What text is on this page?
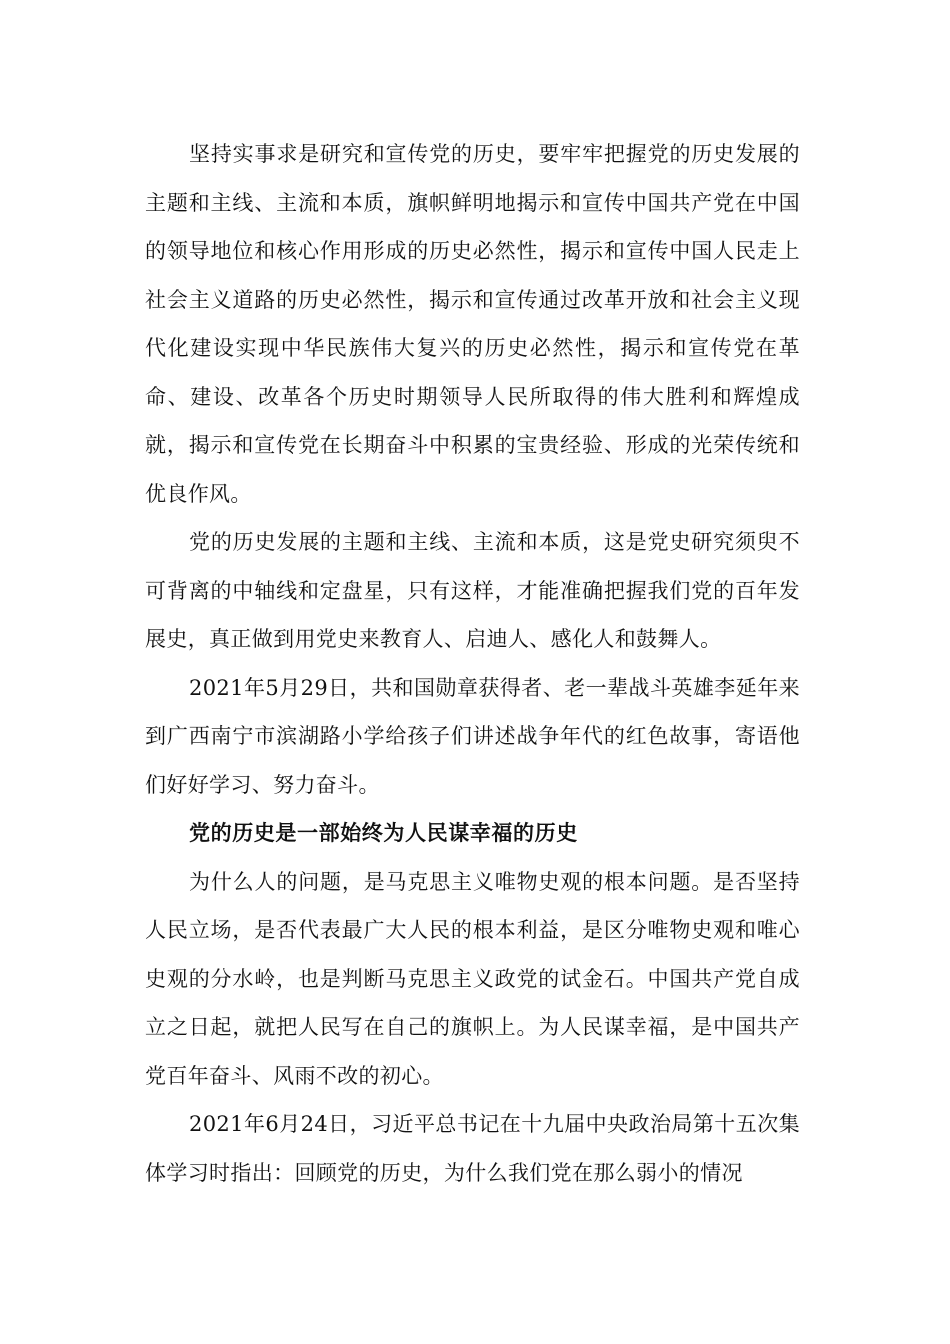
坚持实事求是研究和宣传党的历史，要牢牢把握党的历史发展的主题和主线、主流和本质，旗帜鲜明地揭示和宣传中国共产党在中国的领导地位和核心作用形成的历史必然性，揭示和宣传中国人民走上社会主义道路的历史必然性，揭示和宣传通过改革开放和社会主义现代化建设实现中华民族伟大复兴的历史必然性，揭示和宣传党在革命、建设、改革各个历史时期领导人民所取得的伟大胜利和辉煌成就，揭示和宣传党在长期奋斗中积累的宝贵经验、形成的光荣传统和优良作风。

党的历史发展的主题和主线、主流和本质，这是党史研究须臾不可背离的中轴线和定盘星，只有这样，才能准确把握我们党的百年发展史，真正做到用党史来教育人、启迪人、感化人和鼓舞人。

2021年5月29日，共和国勋章获得者、老一辈战斗英雄李延年来到广西南宁市滨湖路小学给孩子们讲述战争年代的红色故事，寄语他们好好学习、努力奋斗。

党的历史是一部始终为人民谋幸福的历史

为什么人的问题，是马克思主义唯物史观的根本问题。是否坚持人民立场，是否代表最广大人民的根本利益，是区分唯物史观和唯心史观的分水岭，也是判断马克思主义政党的试金石。中国共产党自成立之日起，就把人民写在自己的旗帜上。为人民谋幸福，是中国共产党百年奋斗、风雨不改的初心。

2021年6月24日，习近平总书记在十九届中央政治局第十五次集体学习时指出：回顾党的历史，为什么我们党在那么弱小的情况
